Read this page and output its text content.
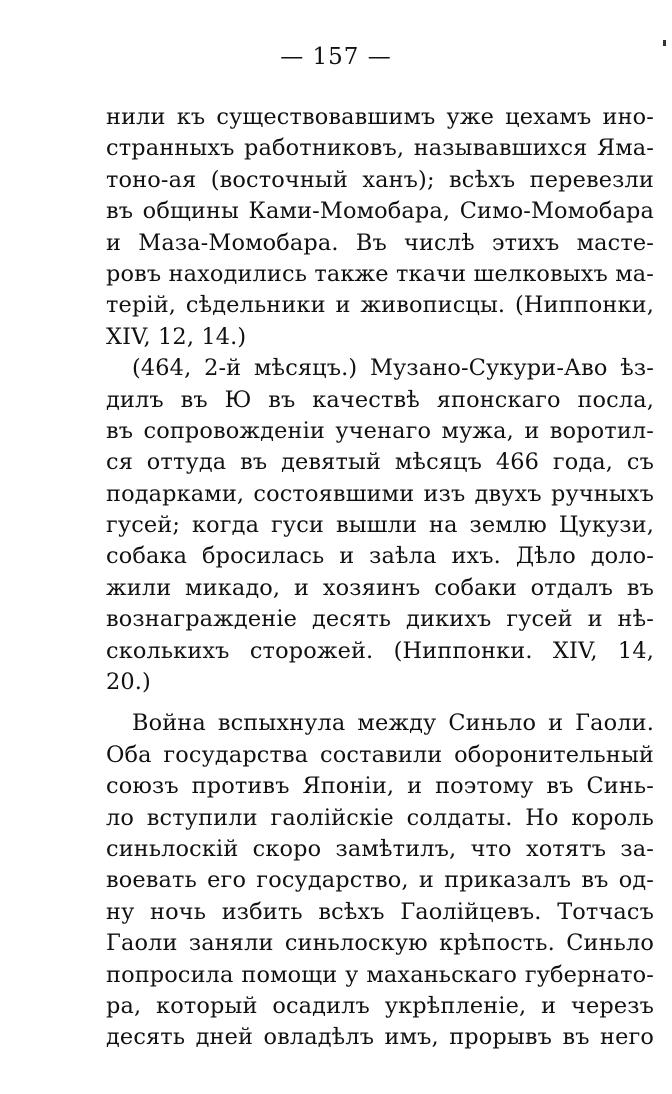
— 157 —
нили къ существовавшимъ уже цехамъ ино-
странныхъ работниковъ, называвшихся Яма-
тоно-ая (восточный ханъ); всѣхъ перевезли
въ общины Ками-Момобара, Симо-Момобара
и Маза-Момобара. Въ числѣ этихъ масте-
ровъ находились также ткачи шелковыхъ ма-
терій, сѣдельники и живописцы. (Ниппонки,
XIV, 12, 14.)
(464, 2-й мѣсяцъ.) Музано-Сукури-Аво ѣз-
дилъ въ Ю въ качествѣ японскаго посла,
въ сопровожденіи ученаго мужа, и воротил-
ся оттуда въ девятый мѣсяцъ 466 года, съ
подарками, состоявшими изъ двухъ ручныхъ
гусей; когда гуси вышли на землю Цукузи,
собака бросилась и заѣла ихъ. Дѣло доло-
жили микадо, и хозяинъ собаки отдалъ въ
вознагражденіе десять дикихъ гусей и нѣ-
сколькихъ сторожей. (Ниппонки. XIV, 14,
20.)
Война вспыхнула между Синьло и Гаоли.
Оба государства составили оборонительный
союзъ противъ Японіи, и поэтому въ Синь-
ло вступили гаолійскіе солдаты. Но король
синьлоскій скоро замѣтилъ, что хотятъ за-
воевать его государство, и приказалъ въ од-
ну ночь избить всѣхъ Гаолійцевъ. Тотчасъ
Гаоли заняли синьлоскую крѣпость. Синьло
попросила помощи у маханьскаго губернато-
ра, который осадилъ укрѣпленіе, и черезъ
десять дней овладѣлъ имъ, прорывъ въ него
